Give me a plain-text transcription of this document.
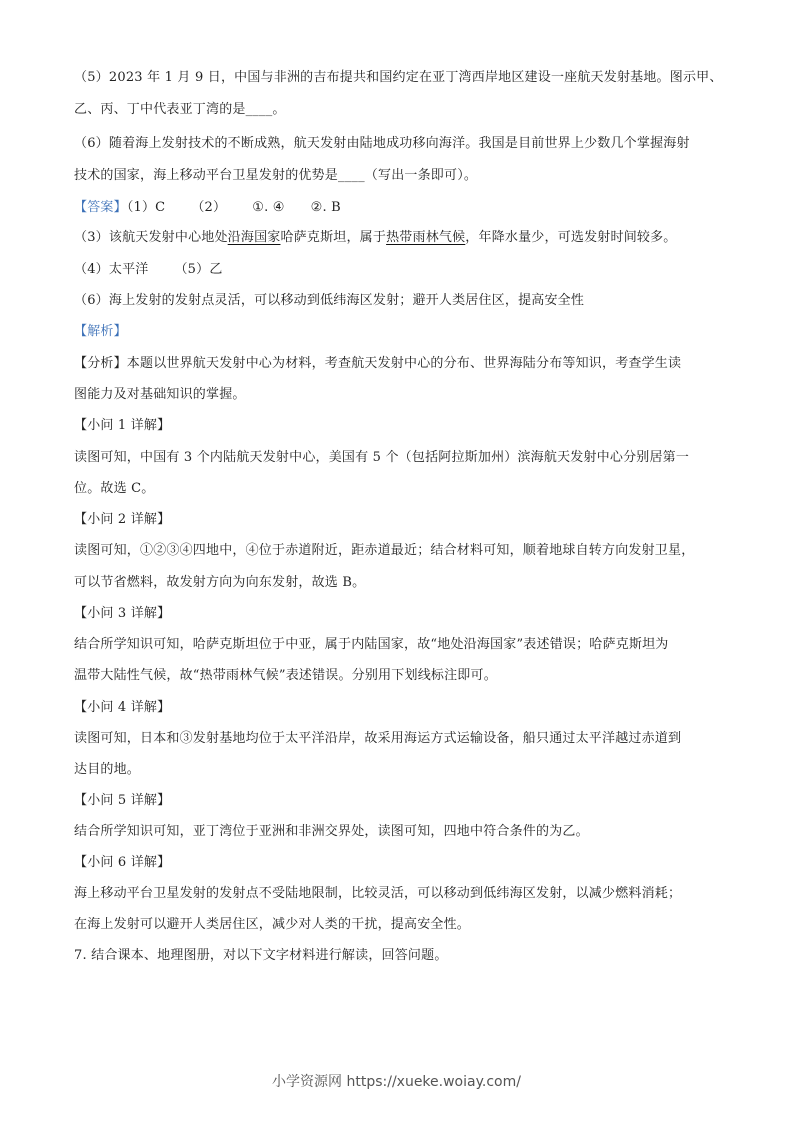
（5）2023 年 1 月 9 日，中国与非洲的吉布提共和国约定在亚丁湾西岸地区建设一座航天发射基地。图示甲、
乙、丙、丁中代表亚丁湾的是____。
（6）随着海上发射技术的不断成熟，航天发射由陆地成功移向海洋。我国是目前世界上少数几个掌握海射
技术的国家，海上移动平台卫星发射的优势是____（写出一条即可）。
【答案】（1）C （2） ①. ④ ②. B
（3）该航天发射中心地处沿海国家哈萨克斯坦，属于热带雨林气候，年降水量少，可选发射时间较多。
（4）太平洋 （5）乙
（6）海上发射的发射点灵活，可以移动到低纬海区发射；避开人类居住区，提高安全性
【解析】
【分析】本题以世界航天发射中心为材料，考查航天发射中心的分布、世界海陆分布等知识，考查学生读
图能力及对基础知识的掌握。
【小问 1 详解】
读图可知，中国有 3 个内陆航天发射中心，美国有 5 个（包括阿拉斯加州）滨海航天发射中心分别居第一
位。故选 C。
【小问 2 详解】
读图可知，①②③④四地中，④位于赤道附近，距赤道最近；结合材料可知，顺着地球自转方向发射卫星，
可以节省燃料，故发射方向为向东发射，故选 B。
【小问 3 详解】
结合所学知识可知，哈萨克斯坦位于中亚，属于内陆国家，故“地处沿海国家”表述错误；哈萨克斯坦为
温带大陆性气候，故“热带雨林气候”表述错误。分别用下划线标注即可。
【小问 4 详解】
读图可知，日本和③发射基地均位于太平洋沿岸，故采用海运方式运输设备，船只通过太平洋越过赤道到
达目的地。
【小问 5 详解】
结合所学知识可知，亚丁湾位于亚洲和非洲交界处，读图可知，四地中符合条件的为乙。
【小问 6 详解】
海上移动平台卫星发射的发射点不受陆地限制，比较灵活，可以移动到低纬海区发射，以减少燃料消耗；
在海上发射可以避开人类居住区，减少对人类的干扰，提高安全性。
7. 结合课本、地理图册，对以下文字材料进行解读，回答问题。
小学资源网 https://xueke.woiay.com/
